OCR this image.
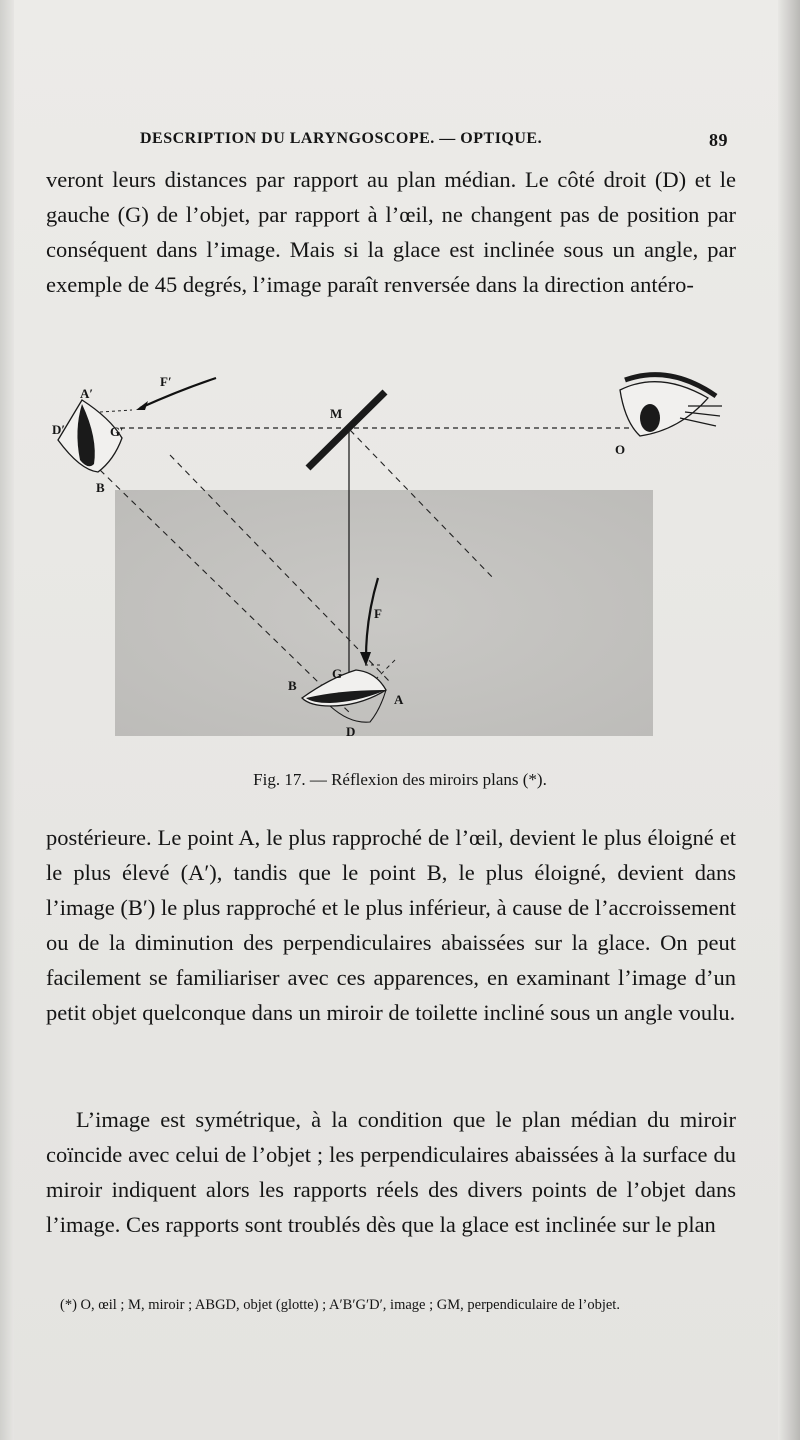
DESCRIPTION DU LARYNGOSCOPE. — OPTIQUE.	89

veront leurs distances par rapport au plan médian. Le côté droit (D) et le gauche (G) de l’objet, par rapport à l’œil, ne changent pas de position par conséquent dans l’image. Mais si la glace est inclinée sous un angle, par exemple de 45 degrés, l’image paraît renversée dans la direction antéro-

A′
F′
D′	G′
B
M
O
F
G
B
A
D
Fig. 17. — Réflexion des miroirs plans (*).

postérieure. Le point A, le plus rapproché de l’œil, devient le plus éloigné et le plus élevé (A′), tandis que le point B, le plus éloigné, devient dans l’image (B′) le plus rapproché et le plus inférieur, à cause de l’accroissement ou de la diminution des perpendiculaires abaissées sur la glace. On peut facilement se familiariser avec ces apparences, en examinant l’image d’un petit objet quelconque dans un miroir de toilette incliné sous un angle voulu.

L’image est symétrique, à la condition que le plan médian du miroir coïncide avec celui de l’objet ; les perpendiculaires abaissées à la surface du miroir indiquent alors les rapports réels des divers points de l’objet dans l’image. Ces rapports sont troublés dès que la glace est inclinée sur le plan

(*) O, œil ; M, miroir ; ABGD, objet (glotte) ; A′B′G′D′, image ; GM, perpendiculaire de l’objet.
